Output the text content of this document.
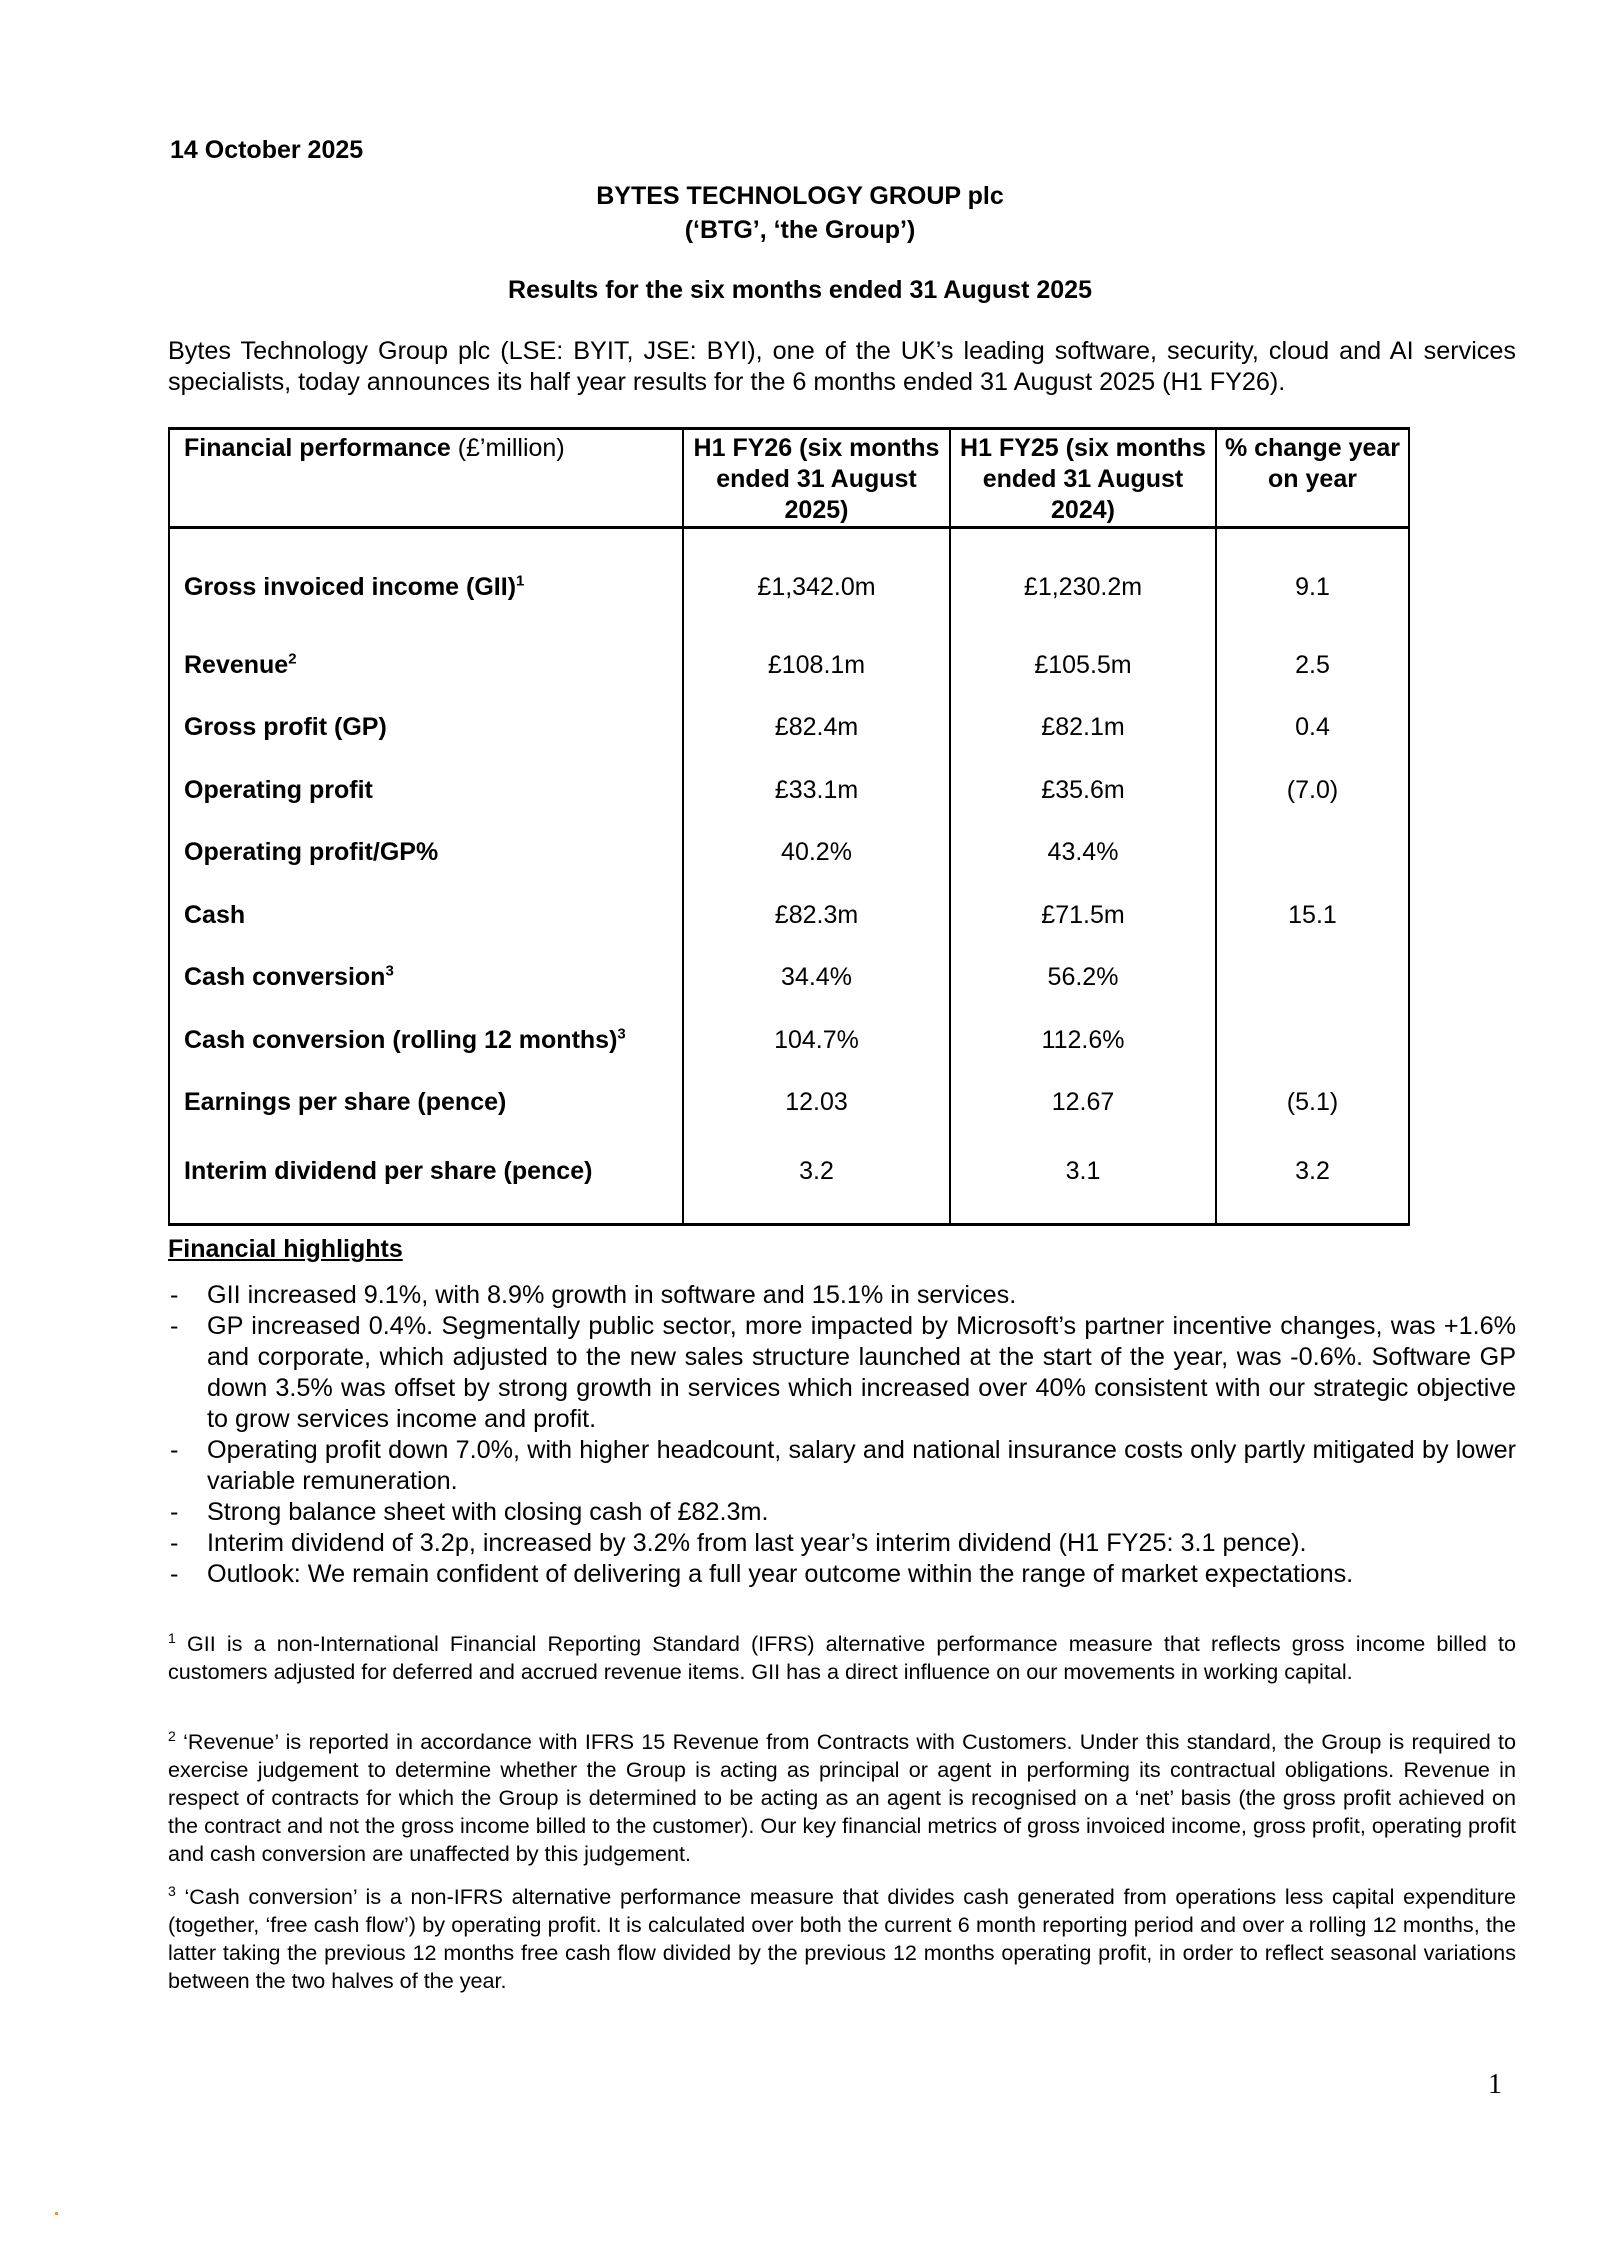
14 October 2025
BYTES TECHNOLOGY GROUP plc
(‘BTG’, ‘the Group’)
Results for the six months ended 31 August 2025
Bytes Technology Group plc (LSE: BYIT, JSE: BYI), one of the UK’s leading software, security, cloud and AI services specialists, today announces its half year results for the 6 months ended 31 August 2025 (H1 FY26).
Financial performance (£’million)	H1 FY26 (six months ended 31 August 2025)	H1 FY25 (six months ended 31 August 2024)	% change year on year
Gross invoiced income (GII)$^1$	£1,342.0m	£1,230.2m	9.1
Revenue$^2$	£108.1m	£105.5m	2.5
Gross profit (GP)	£82.4m	£82.1m	0.4
Operating profit	£33.1m	£35.6m	(7.0)
Operating profit/GP%	40.2%	43.4%	
Cash	£82.3m	£71.5m	15.1
Cash conversion$^3$	34.4%	56.2%	
Cash conversion (rolling 12 months)$^3$	104.7%	112.6%	
Earnings per share (pence)	12.03	12.67	(5.1)
Interim dividend per share (pence)	3.2	3.1	3.2
Financial highlights
- GII increased 9.1%, with 8.9% growth in software and 15.1% in services.
- GP increased 0.4%. Segmentally public sector, more impacted by Microsoft’s partner incentive changes, was +1.6% and corporate, which adjusted to the new sales structure launched at the start of the year, was -0.6%. Software GP down 3.5% was offset by strong growth in services which increased over 40% consistent with our strategic objective to grow services income and profit.
- Operating profit down 7.0%, with higher headcount, salary and national insurance costs only partly mitigated by lower variable remuneration.
- Strong balance sheet with closing cash of £82.3m.
- Interim dividend of 3.2p, increased by 3.2% from last year’s interim dividend (H1 FY25: 3.1 pence).
- Outlook: We remain confident of delivering a full year outcome within the range of market expectations.
$^1$ GII is a non-International Financial Reporting Standard (IFRS) alternative performance measure that reflects gross income billed to customers adjusted for deferred and accrued revenue items. GII has a direct influence on our movements in working capital.
$^2$ ‘Revenue’ is reported in accordance with IFRS 15 Revenue from Contracts with Customers. Under this standard, the Group is required to exercise judgement to determine whether the Group is acting as principal or agent in performing its contractual obligations. Revenue in respect of contracts for which the Group is determined to be acting as an agent is recognised on a ‘net’ basis (the gross profit achieved on the contract and not the gross income billed to the customer). Our key financial metrics of gross invoiced income, gross profit, operating profit and cash conversion are unaffected by this judgement.
$^3$ ‘Cash conversion’ is a non-IFRS alternative performance measure that divides cash generated from operations less capital expenditure (together, ‘free cash flow’) by operating profit. It is calculated over both the current 6 month reporting period and over a rolling 12 months, the latter taking the previous 12 months free cash flow divided by the previous 12 months operating profit, in order to reflect seasonal variations between the two halves of the year.
1
